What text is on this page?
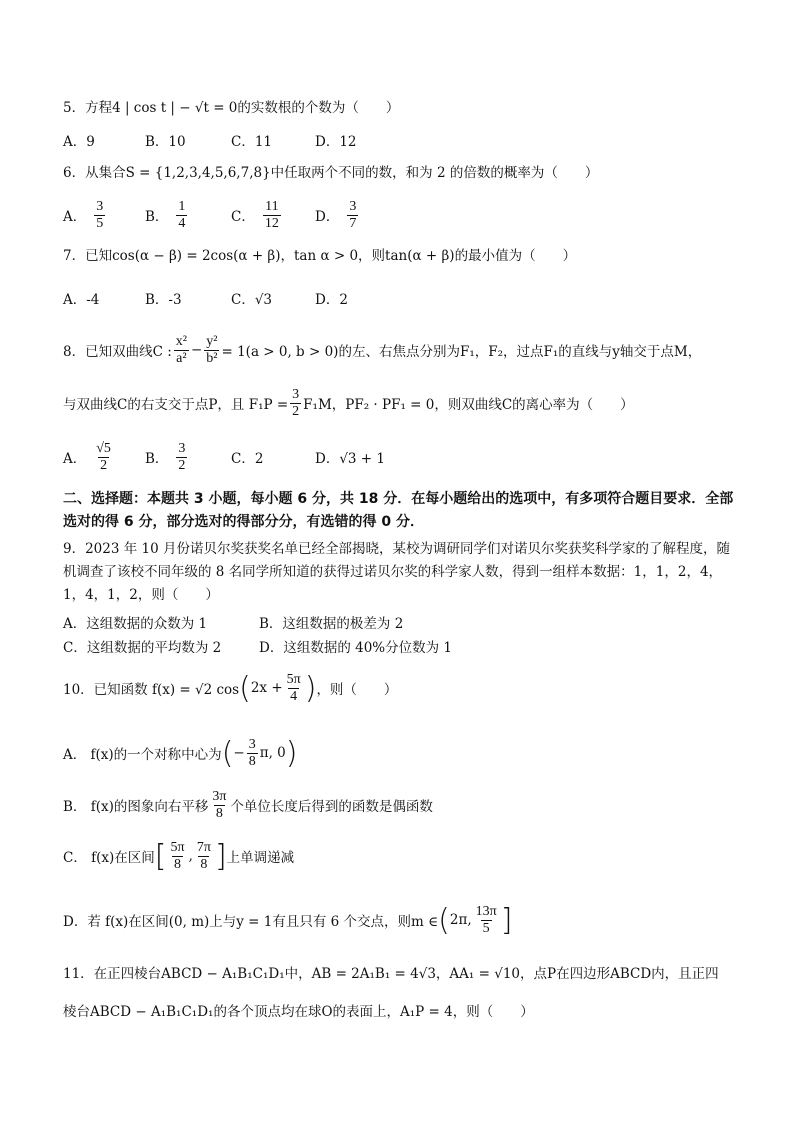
5．方程4 | cos t | − √t = 0的实数根的个数为（　　）
A．9	B．10	C．11	D．12
6．从集合S = {1,2,3,4,5,6,7,8}中任取两个不同的数，和为 2 的倍数的概率为（　　）
A． $\frac{3}{5}$	B． $\frac{1}{4}$	C． $\frac{11}{12}$	D． $\frac{3}{7}$
7．已知cos(α − β) = 2cos(α + β)，tan α > 0，则tan(α + β)的最小值为（　　）
A．-4	B．-3	C．√3	D．2
8．已知双曲线C : $\frac{\text{x²}}{\text{a²}} - \frac{\text{y²}}{\text{b²}} = 1(a > 0$, b > 0)的左、右焦点分别为F₁，F₂，过点F₁的直线与y轴交于点M，
与双曲线C的右支交于点P，且 $F_1P = \frac{3}{2} F_1M$，PF₂ · PF₁ = 0，则双曲线C的离心率为（　　）
A． $\frac{√5}{2}$ B． $\frac{3}{2}$	C．2	D．√3 + 1
二、选择题：本题共 3 小题，每小题 6 分，共 18 分．在每小题给出的选项中，有多项符合题目要求．全部选对的得 6 分，部分选对的得部分分，有选错的得 0 分．
9．2023 年 10 月份诺贝尔奖获奖名单已经全部揭晓，某校为调研同学们对诺贝尔奖获奖科学家的了解程度，随机调查了该校不同年级的 8 名同学所知道的获得过诺贝尔奖的科学家人数，得到一组样本数据：1，1，2，4，1，4，1，2，则（　　）
A．这组数据的众数为 1	B．这组数据的极差为 2
C．这组数据的平均数为 2	D．这组数据的 40%分位数为 1
10．已知函数 f(x) = √2 cos ( $2x + \frac{5\pi}{4}$ ) ，则（　　）
A． f(x)的一个对称中心为 ( − $\frac{3}{8} \pi$, 0 )
B． f(x)的图象向右平移 $\frac{3\pi}{8}$ 个单位长度后得到的函数是偶函数
C． f(x)在区间 [ $\frac{5\pi}{8}$ , $\frac{7\pi}{8}$ ] 上单调递减
D．若 f(x)在区间(0, m)上与y = 1有且只有 6 个交点，则m ∈ ( 2π, $\frac{13\pi}{5}$ ]
11．在正四棱台ABCD − A₁B₁C₁D₁中，AB = 2A₁B₁ = 4√3，AA₁ = √10，点P在四边形ABCD内，且正四
棱台ABCD − A₁B₁C₁D₁的各个顶点均在球O的表面上，A₁P = 4，则（　　）
